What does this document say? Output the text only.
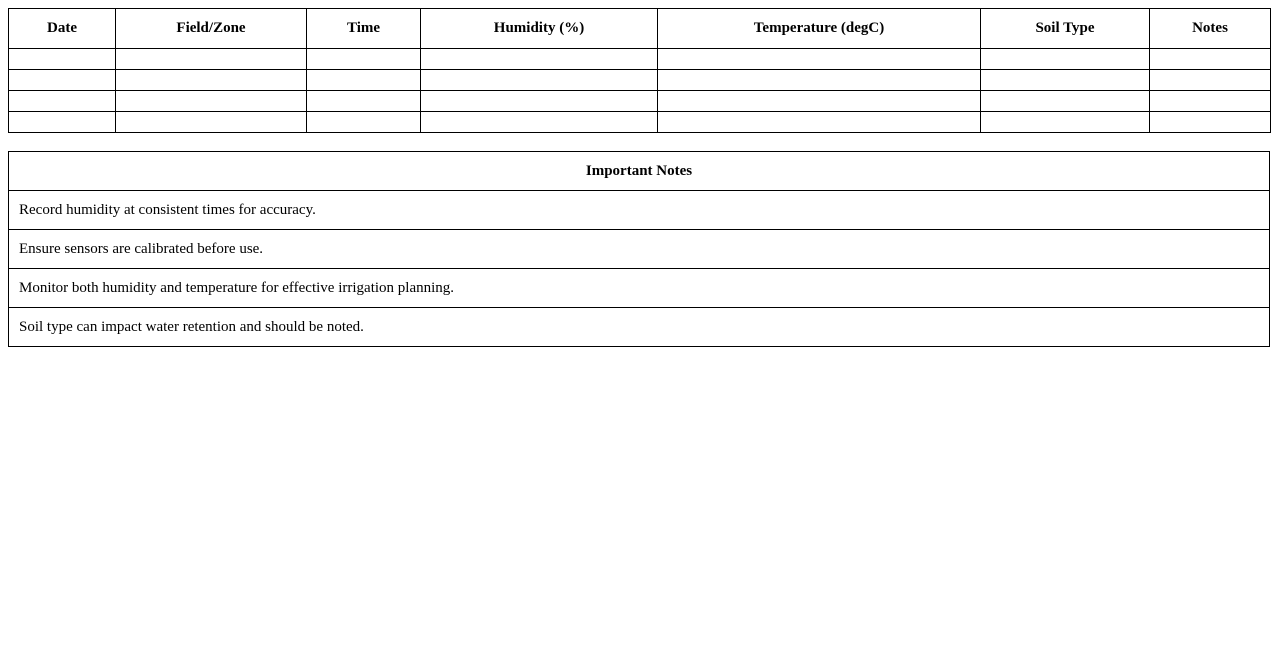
Date	Field/Zone	Time	Humidity (%)	Temperature (degC)	Soil Type	Notes

Important Notes
Record humidity at consistent times for accuracy.
Ensure sensors are calibrated before use.
Monitor both humidity and temperature for effective irrigation planning.
Soil type can impact water retention and should be noted.
